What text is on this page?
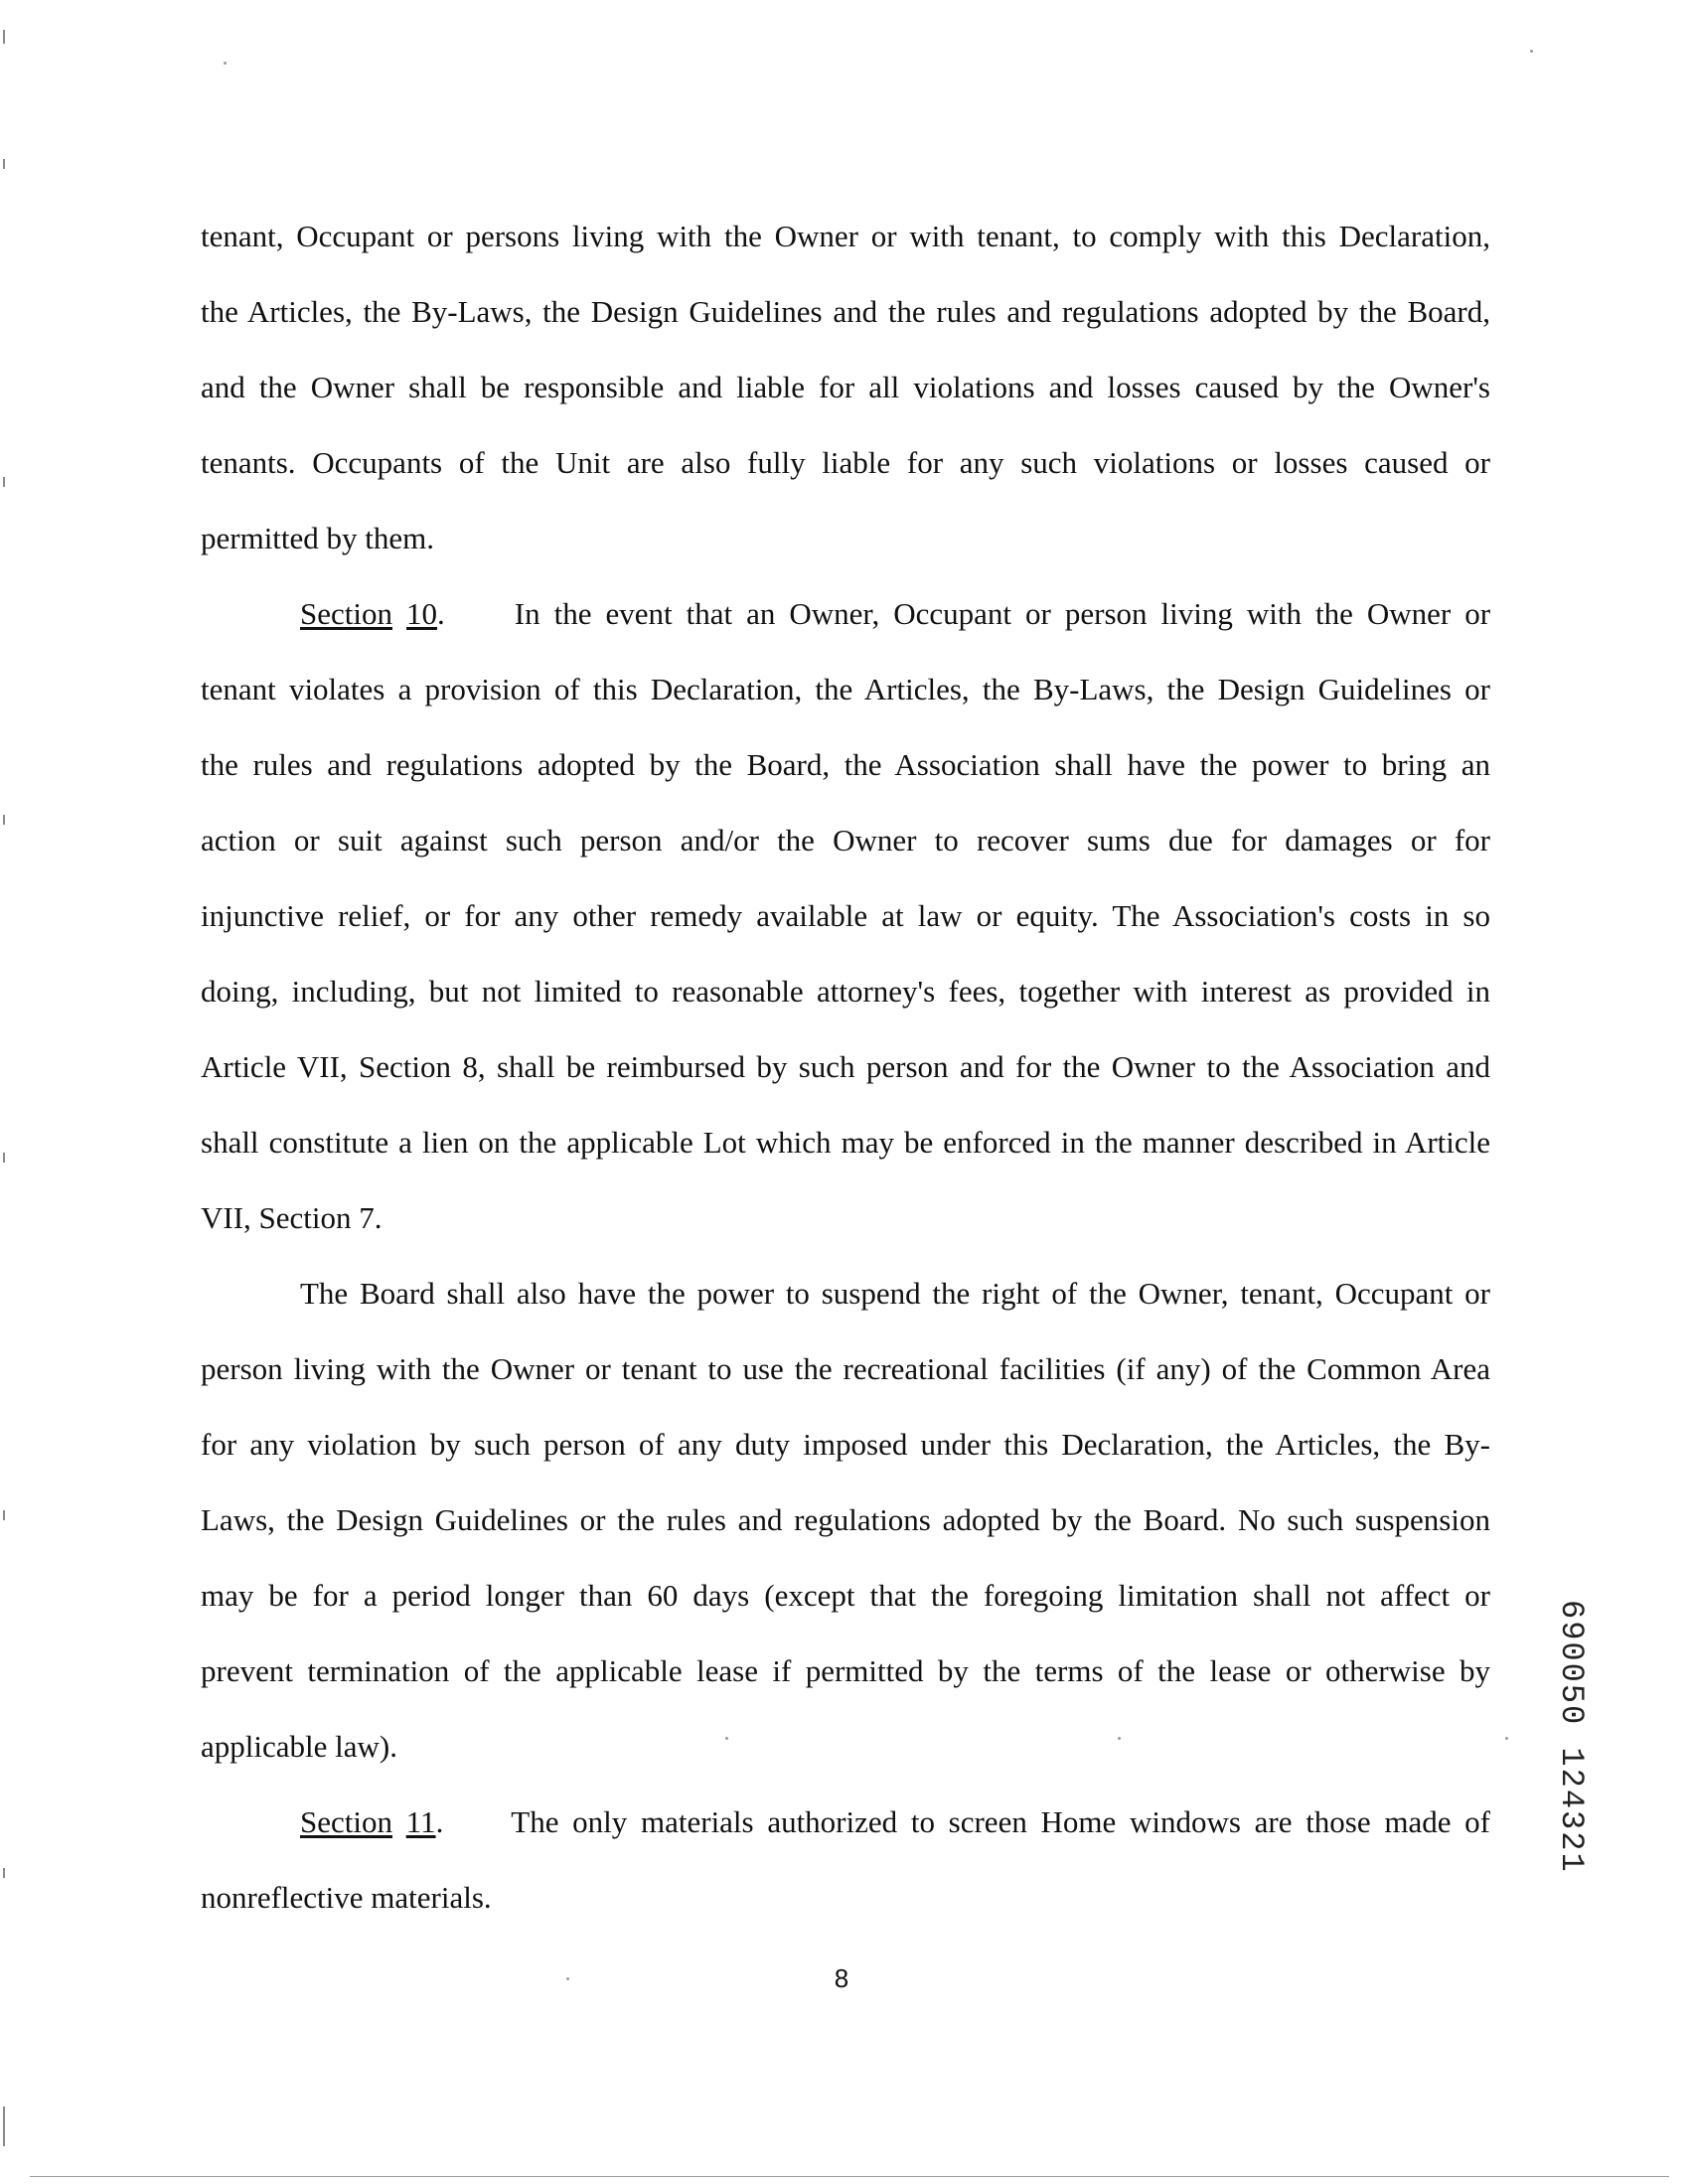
tenant, Occupant or persons living with the Owner or with tenant, to comply with this Declaration,
the Articles, the By-Laws, the Design Guidelines and the rules and regulations adopted by the Board,
and the Owner shall be responsible and liable for all violations and losses caused by the Owner's
tenants. Occupants of the Unit are also fully liable for any such violations or losses caused or
permitted by them.
Section 10. In the event that an Owner, Occupant or person living with the Owner or
tenant violates a provision of this Declaration, the Articles, the By-Laws, the Design Guidelines or
the rules and regulations adopted by the Board, the Association shall have the power to bring an
action or suit against such person and/or the Owner to recover sums due for damages or for
injunctive relief, or for any other remedy available at law or equity. The Association's costs in so
doing, including, but not limited to reasonable attorney's fees, together with interest as provided in
Article VII, Section 8, shall be reimbursed by such person and for the Owner to the Association and
shall constitute a lien on the applicable Lot which may be enforced in the manner described in Article
VII, Section 7.
The Board shall also have the power to suspend the right of the Owner, tenant, Occupant or
person living with the Owner or tenant to use the recreational facilities (if any) of the Common Area
for any violation by such person of any duty imposed under this Declaration, the Articles, the By-
Laws, the Design Guidelines or the rules and regulations adopted by the Board. No such suspension
may be for a period longer than 60 days (except that the foregoing limitation shall not affect or
prevent termination of the applicable lease if permitted by the terms of the lease or otherwise by
applicable law).
Section 11. The only materials authorized to screen Home windows are those made of
nonreflective materials.
8
690050 124321
